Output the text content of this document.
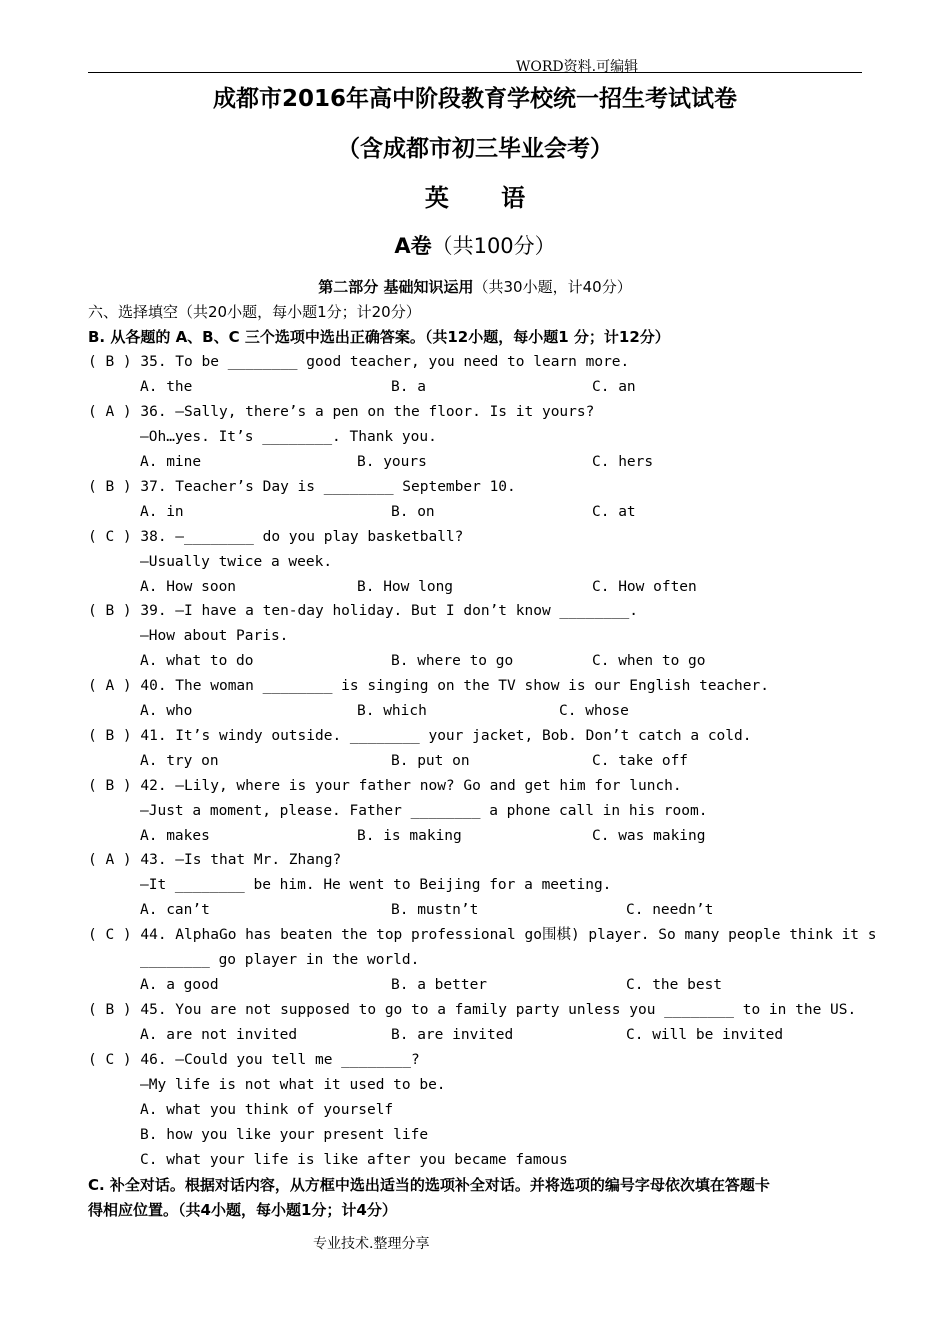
WORD资料.可编辑
成都市2016年高中阶段教育学校统一招生考试试卷
（含成都市初三毕业会考）
英 语
A卷（共100分）
第二部分 基础知识运用（共30小题，计40分）
六、选择填空（共20小题，每小题1分；计20分）
B. 从各题的 A、B、C 三个选项中选出正确答案。（共12小题，每小题1 分；计12分）
( B ) 35. To be ________ good teacher, you need to learn more.
A. the	B. a	C. an
( A ) 36. —Sally, there’s a pen on the floor. Is it yours?
—Oh…yes. It’s ________. Thank you.
A. mine	B. yours	C. hers
( B ) 37. Teacher’s Day is ________ September 10.
A. in	B. on	C. at
( C ) 38. —________ do you play basketball?
—Usually twice a week.
A. How soon	B. How long	C. How often
( B ) 39. —I have a ten-day holiday. But I don’t know ________.
—How about Paris.
A. what to do	B. where to go	C. when to go
( A ) 40. The woman ________ is singing on the TV show is our English teacher.
A. who	B. which	C. whose
( B ) 41. It’s windy outside. ________ your jacket, Bob. Don’t catch a cold.
A. try on	B. put on	C. take off
( B ) 42. —Lily, where is your father now? Go and get him for lunch.
—Just a moment, please. Father ________ a phone call in his room.
A. makes	B. is making	C. was making
( A ) 43. —Is that Mr. Zhang?
—It ________ be him. He went to Beijing for a meeting.
A. can’t	B. mustn’t	C. needn’t
( C ) 44. AlphaGo has beaten the top professional go围棋) player. So many people think it s
________ go player in the world.
A. a good	B. a better	C. the best
( B ) 45. You are not supposed to go to a family party unless you ________ to in the US.
A. are not invited	B. are invited	C. will be invited
( C ) 46. —Could you tell me ________?
—My life is not what it used to be.
A. what you think of yourself
B. how you like your present life
C. what your life is like after you became famous
C. 补全对话。根据对话内容，从方框中选出适当的选项补全对话。并将选项的编号字母依次填在答题卡
得相应位置。（共4小题，每小题1分；计4分）
专业技术.整理分享
